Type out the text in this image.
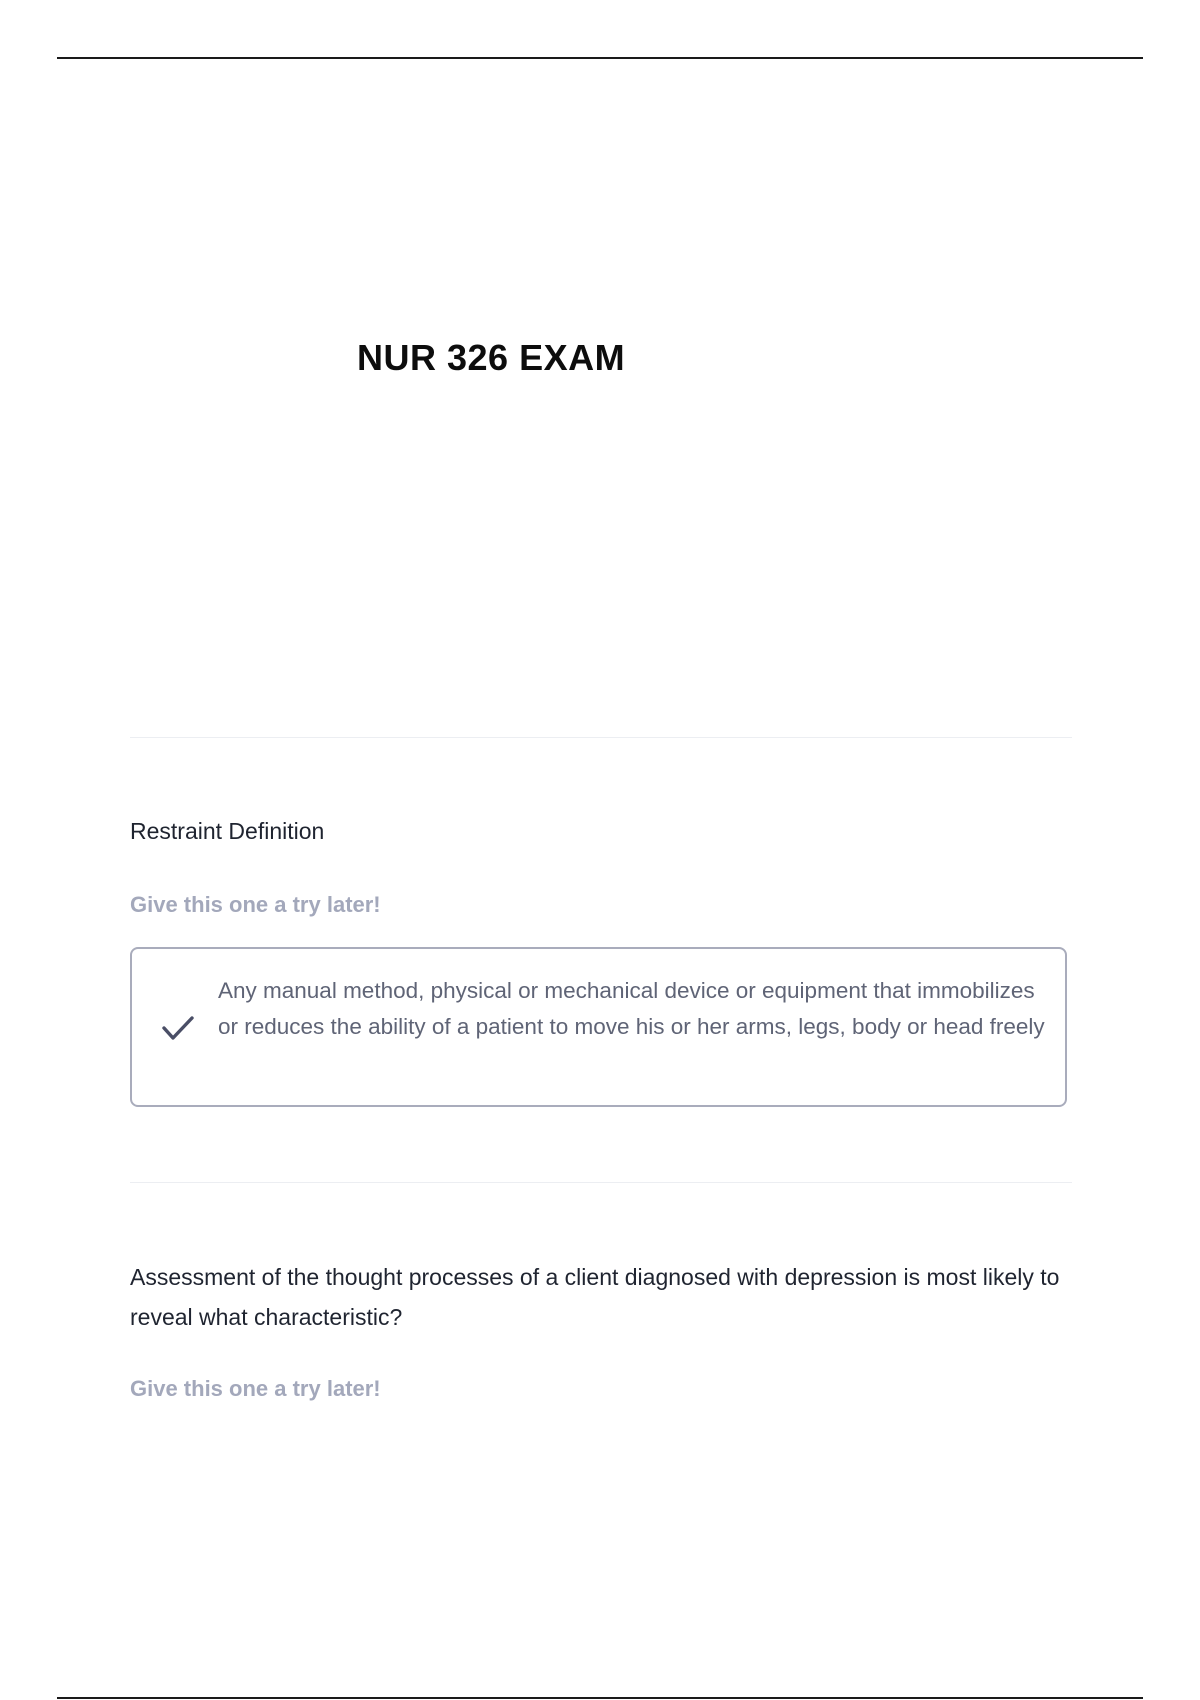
NUR 326 EXAM

Restraint Definition

Give this one a try later!

Any manual method, physical or mechanical device or equipment that immobilizes or reduces the ability of a patient to move his or her arms, legs, body or head freely

Assessment of the thought processes of a client diagnosed with depression is most likely to reveal what characteristic?

Give this one a try later!
